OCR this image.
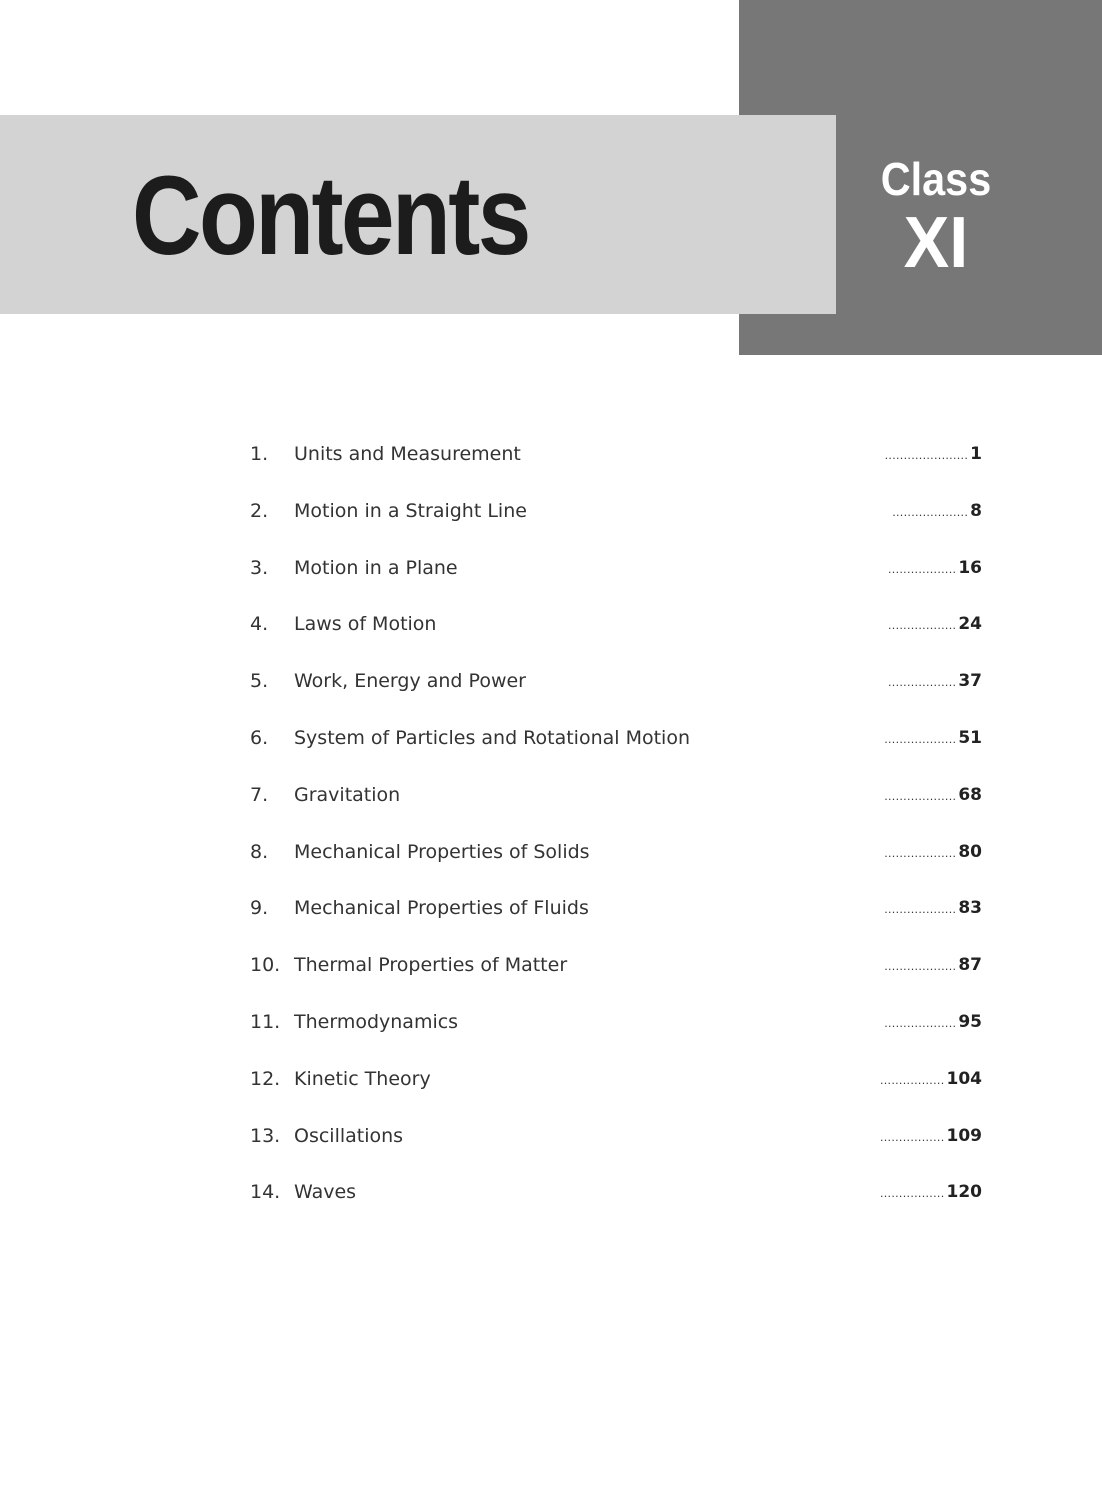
Contents	Class
XI
1. Units and Measurement	...................... 1
2. Motion in a Straight Line	.................... 8
3. Motion in a Plane	.................. 16
4. Laws of Motion	.................. 24
5. Work, Energy and Power	.................. 37
6. System of Particles and Rotational Motion	................... 51
7. Gravitation	................... 68
8. Mechanical Properties of Solids	................... 80
9. Mechanical Properties of Fluids	................... 83
10. Thermal Properties of Matter	................... 87
11. Thermodynamics	................... 95
12. Kinetic Theory	................. 104
13. Oscillations	................. 109
14. Waves	................. 120
